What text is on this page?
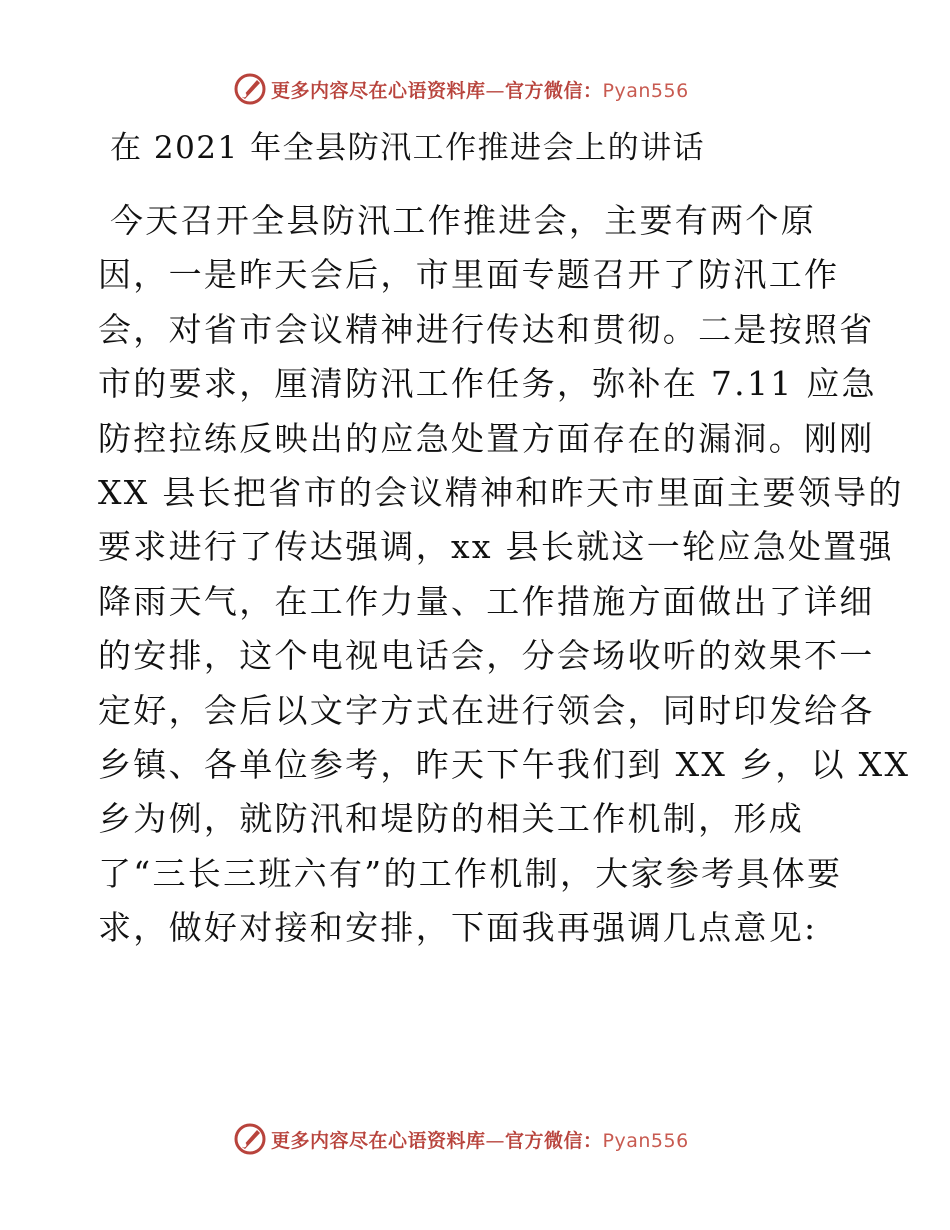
更多内容尽在心语资料库—官方微信：Pyan556
在 2021 年全县防汛工作推进会上的讲话
今天召开全县防汛工作推进会，主要有两个原
因，一是昨天会后，市里面专题召开了防汛工作
会，对省市会议精神进行传达和贯彻。二是按照省
市的要求，厘清防汛工作任务，弥补在 7.11 应急
防控拉练反映出的应急处置方面存在的漏洞。刚刚
XX 县长把省市的会议精神和昨天市里面主要领导的
要求进行了传达强调，xx 县长就这一轮应急处置强
降雨天气，在工作力量、工作措施方面做出了详细
的安排，这个电视电话会，分会场收听的效果不一
定好，会后以文字方式在进行领会，同时印发给各
乡镇、各单位参考，昨天下午我们到 XX 乡，以 XX
乡为例，就防汛和堤防的相关工作机制，形成
了“三长三班六有”的工作机制，大家参考具体要
求，做好对接和安排，下面我再强调几点意见:
更多内容尽在心语资料库—官方微信：Pyan556
